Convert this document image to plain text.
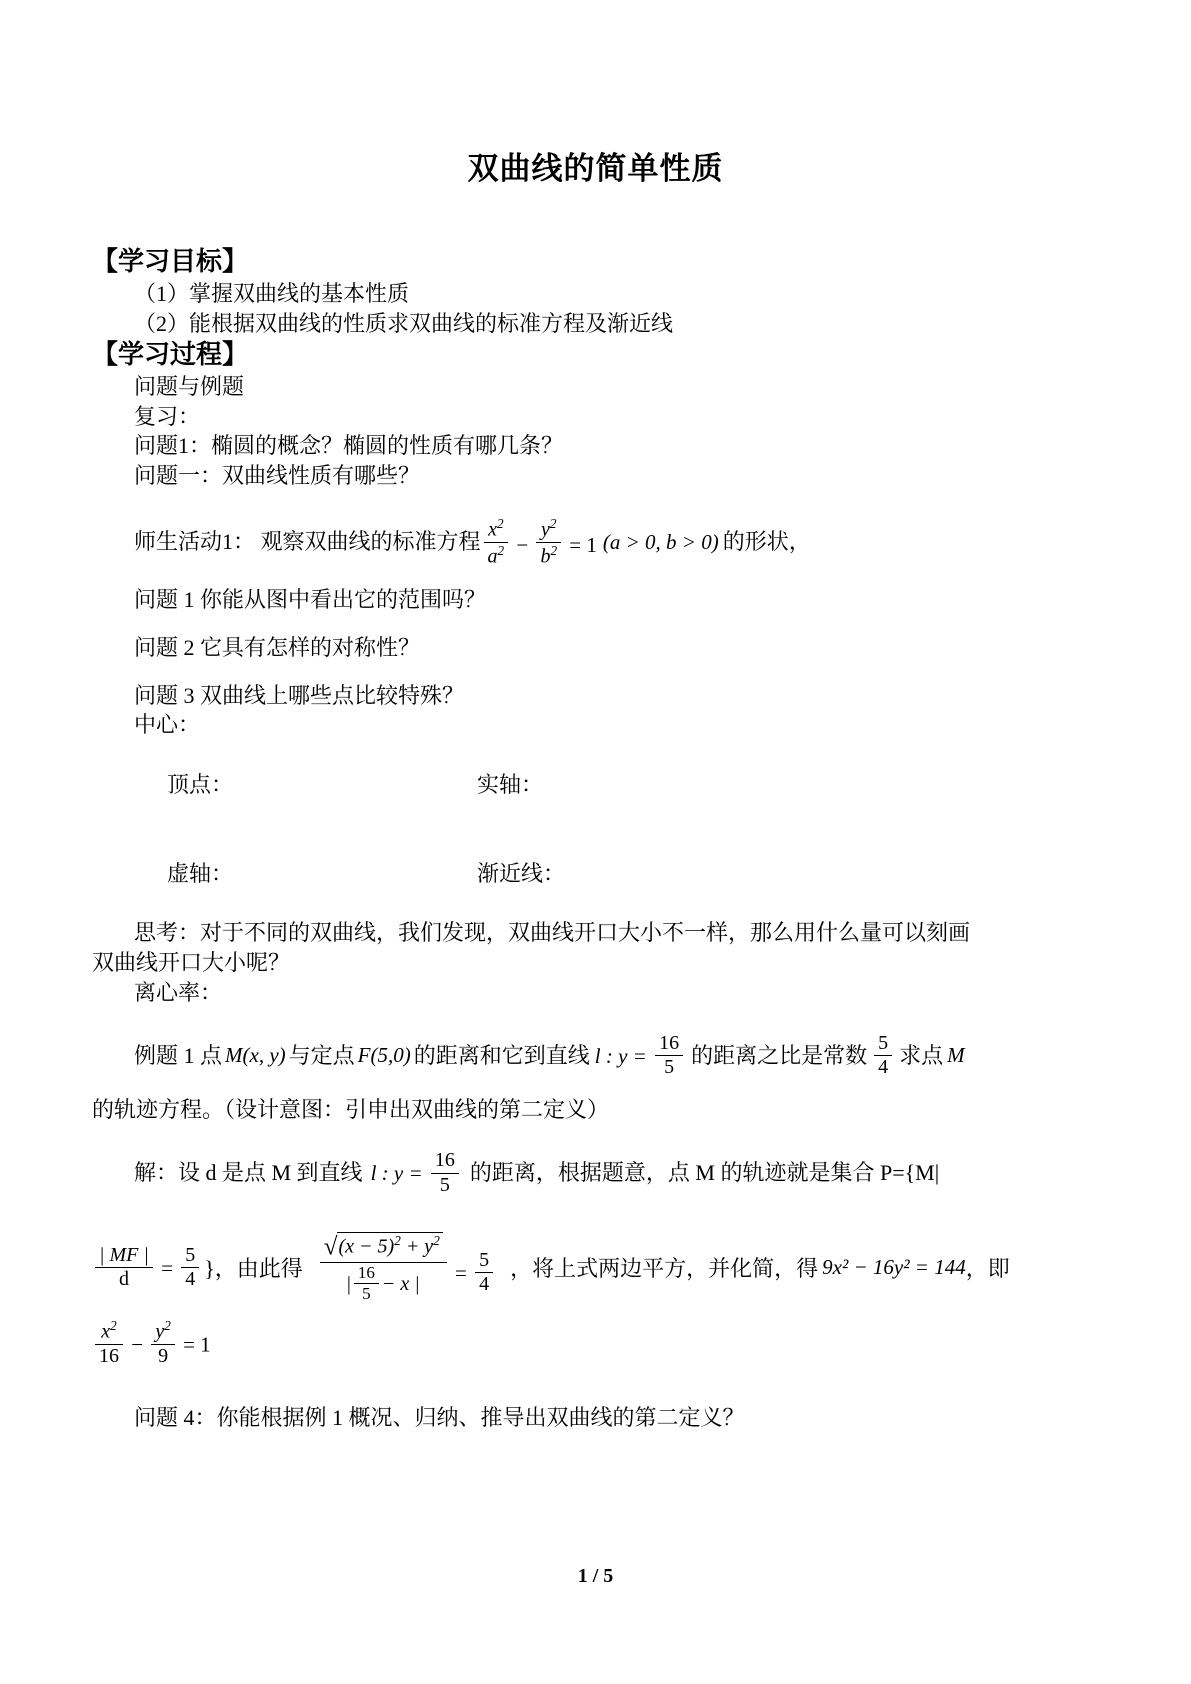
双曲线的简单性质
【学习目标】
（1）掌握双曲线的基本性质
（2）能根据双曲线的性质求双曲线的标准方程及渐近线
【学习过程】
问题与例题
复习：
问题1：椭圆的概念？椭圆的性质有哪几条？
问题一：双曲线性质有哪些？
师生活动1： 观察双曲线的标准方程 $\frac{x^2}{a^2} - \frac{y^2}{b^2} = 1$ (a > 0, b > 0) 的形状，
问题 1 你能从图中看出它的范围吗？
问题 2 它具有怎样的对称性？
问题 3 双曲线上哪些点比较特殊？
中心：

顶点：	实轴：

虚轴：	渐近线：

思考：对于不同的双曲线，我们发现，双曲线开口大小不一样，那么用什么量可以刻画
双曲线开口大小呢？
离心率：
例题 1 点 M(x, y) 与定点 F(5,0) 的距离和它到直线 l : $y = \frac{16}{5}$ 的距离之比是常数 $\frac{5}{4}$ 求点 M
的轨迹方程。（设计意图：引申出双曲线的第二定义）
解：设 d 是点 M 到直线 l : $y = \frac{16}{5}$ 的距离，根据题意，点 M 的轨迹就是集合 P={M|
$\frac{| MF |}{d} = \frac{5}{4}$ }，由此得 $\frac{√(x - 5)^2 + y^2}{| \frac{16}{5} - x |} = \frac{5}{4}$ ，将上式两边平方，并化简，得 9x² − 16y² = 144 ，即
$\frac{x^2}{16} - \frac{y^2}{9} = 1$
问题 4：你能根据例 1 概况、归纳、推导出双曲线的第二定义？
1 / 5
